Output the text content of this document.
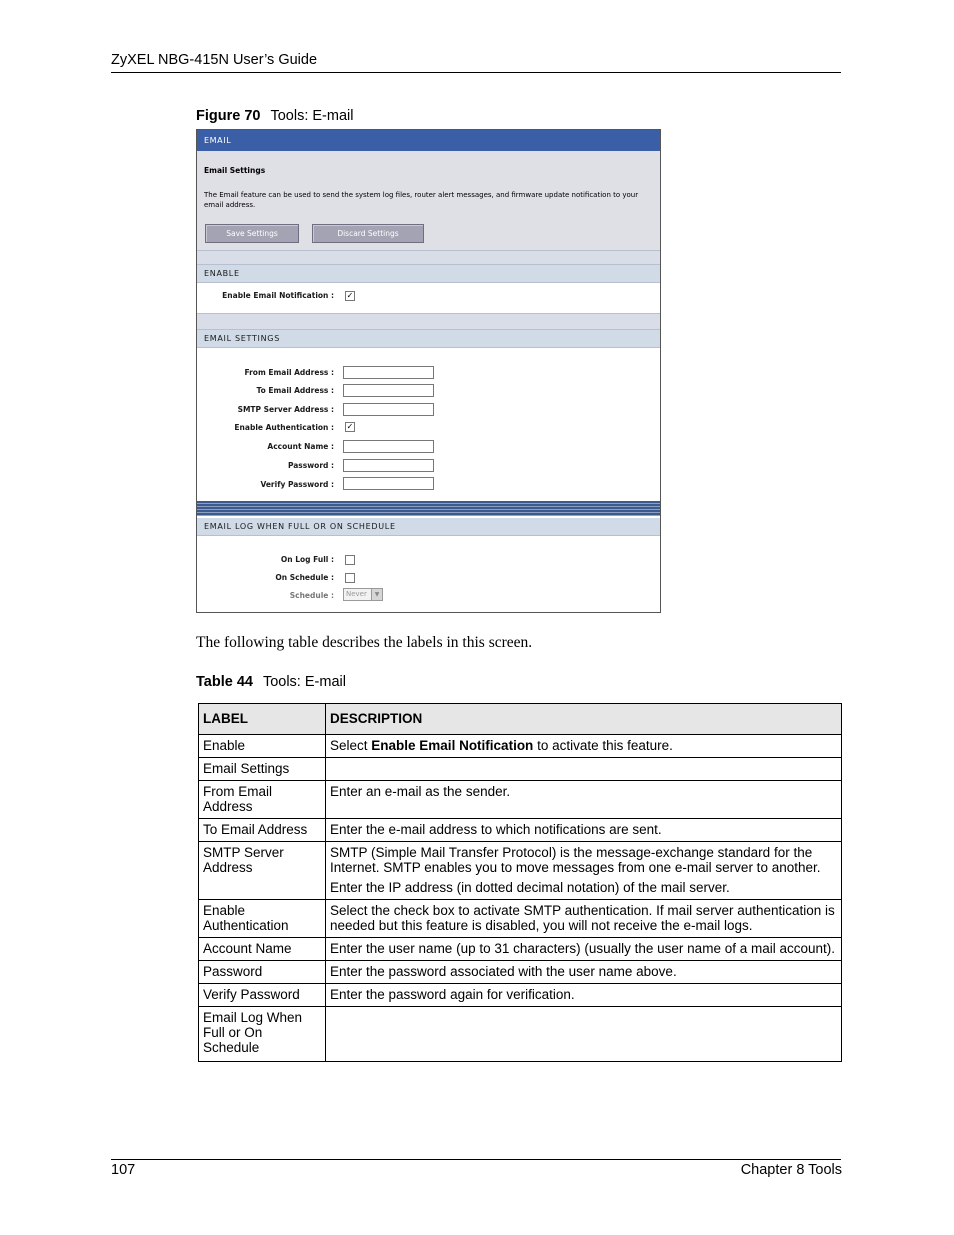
ZyXEL NBG-415N User’s Guide
Figure 70 Tools: E-mail
EMAIL
Email Settings
The Email feature can be used to send the system log files, router alert messages, and firmware update notification to your email address.
Save Settings	Discard Settings
ENABLE
Enable Email Notification : ✓
EMAIL SETTINGS
From Email Address :
To Email Address :
SMTP Server Address :
Enable Authentication : ✓
Account Name :
Password :
Verify Password :
EMAIL LOG WHEN FULL OR ON SCHEDULE
On Log Full :
On Schedule :
Schedule : Never	▼
The following table describes the labels in this screen.
Table 44 Tools: E-mail
LABEL	DESCRIPTION
Enable	Select Enable Email Notification to activate this feature.
Email Settings	
From Email Address	Enter an e-mail as the sender.
To Email Address	Enter the e-mail address to which notifications are sent.
SMTP Server Address	SMTP (Simple Mail Transfer Protocol) is the message-exchange standard for the Internet. SMTP enables you to move messages from one e-mail server to another.
Enter the IP address (in dotted decimal notation) of the mail server.

Enable Authentication	Select the check box to activate SMTP authentication. If mail server authentication is needed but this feature is disabled, you will not receive the e-mail logs.
Account Name	Enter the user name (up to 31 characters) (usually the user name of a mail account).
Password	Enter the password associated with the user name above.
Verify Password	Enter the password again for verification.
Email Log When Full or On Schedule	
107	Chapter 8 Tools
